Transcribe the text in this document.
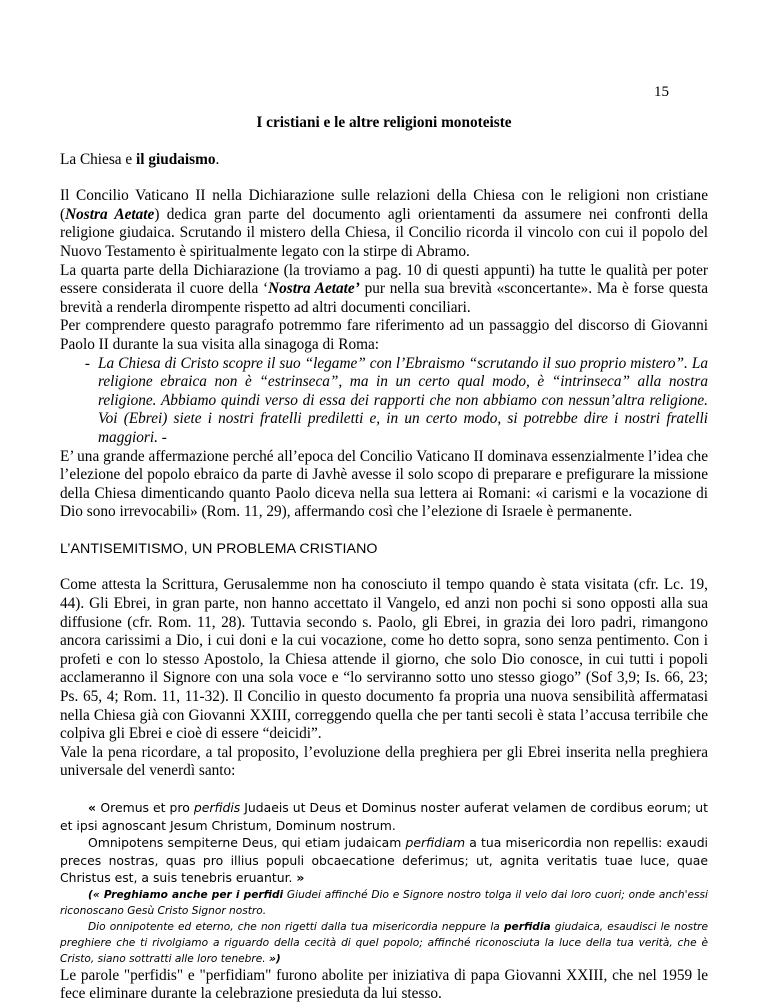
15
I cristiani e le altre religioni monoteiste

La Chiesa e il giudaismo.

Il Concilio Vaticano II nella Dichiarazione sulle relazioni della Chiesa con le religioni non cristiane (Nostra Aetate) dedica gran parte del documento agli orientamenti da assumere nei confronti della religione giudaica. Scrutando il mistero della Chiesa, il Concilio ricorda il vincolo con cui il popolo del Nuovo Testamento è spiritualmente legato con la stirpe di Abramo.

La quarta parte della Dichiarazione (la troviamo a pag. 10 di questi appunti) ha tutte le qualità per poter essere considerata il cuore della ‘Nostra Aetate’ pur nella sua brevità «sconcertante». Ma è forse questa brevità a renderla dirompente rispetto ad altri documenti conciliari.

Per comprendere questo paragrafo potremmo fare riferimento ad un passaggio del discorso di Giovanni Paolo II durante la sua visita alla sinagoga di Roma:

- La Chiesa di Cristo scopre il suo “legame” con l’Ebraismo “scrutando il suo proprio mistero”. La religione ebraica non è “estrinseca”, ma in un certo qual modo, è “intrinseca” alla nostra religione. Abbiamo quindi verso di essa dei rapporti che non abbiamo con nessun’altra religione. Voi (Ebrei) siete i nostri fratelli prediletti e, in un certo modo, si potrebbe dire i nostri fratelli maggiori. -

E’ una grande affermazione perché all’epoca del Concilio Vaticano II dominava essenzialmente l’idea che l’elezione del popolo ebraico da parte di Javhè avesse il solo scopo di preparare e prefigurare la missione della Chiesa dimenticando quanto Paolo diceva nella sua lettera ai Romani: «i carismi e la vocazione di Dio sono irrevocabili» (Rom. 11, 29), affermando così che l’elezione di Israele è permanente.

L’ANTISEMITISMO, UN PROBLEMA CRISTIANO

Come attesta la Scrittura, Gerusalemme non ha conosciuto il tempo quando è stata visitata (cfr. Lc. 19, 44). Gli Ebrei, in gran parte, non hanno accettato il Vangelo, ed anzi non pochi si sono opposti alla sua diffusione (cfr. Rom. 11, 28). Tuttavia secondo s. Paolo, gli Ebrei, in grazia dei loro padri, rimangono ancora carissimi a Dio, i cui doni e la cui vocazione, come ho detto sopra, sono senza pentimento. Con i profeti e con lo stesso Apostolo, la Chiesa attende il giorno, che solo Dio conosce, in cui tutti i popoli acclameranno il Signore con una sola voce e “lo serviranno sotto uno stesso giogo” (Sof 3,9; Is. 66, 23; Ps. 65, 4; Rom. 11, 11-32). Il Concilio in questo documento fa propria una nuova sensibilità affermatasi nella Chiesa già con Giovanni XXIII, correggendo quella che per tanti secoli è stata l’accusa terribile che colpiva gli Ebrei e cioè di essere “deicidi”.

Vale la pena ricordare, a tal proposito, l’evoluzione della preghiera per gli Ebrei inserita nella preghiera universale del venerdì santo:

« Oremus et pro perfidis Judaeis ut Deus et Dominus noster auferat velamen de cordibus eorum; ut et ipsi agnoscant Jesum Christum, Dominum nostrum.

Omnipotens sempiterne Deus, qui etiam judaicam perfidiam a tua misericordia non repellis: exaudi preces nostras, quas pro illius populi obcaecatione deferimus; ut, agnita veritatis tuae luce, quae Christus est, a suis tenebris eruantur. »

(« Preghiamo anche per i perfidi Giudei affinché Dio e Signore nostro tolga il velo dai loro cuori; onde anch'essi riconoscano Gesù Cristo Signor nostro.

Dio onnipotente ed eterno, che non rigetti dalla tua misericordia neppure la perfidia giudaica, esaudisci le nostre preghiere che ti rivolgiamo a riguardo della cecità di quel popolo; affinché riconosciuta la luce della tua verità, che è Cristo, siano sottratti alle loro tenebre. »)

Le parole "perfidis" e "perfidiam" furono abolite per iniziativa di papa Giovanni XXIII, che nel 1959 le fece eliminare durante la celebrazione presieduta da lui stesso.
